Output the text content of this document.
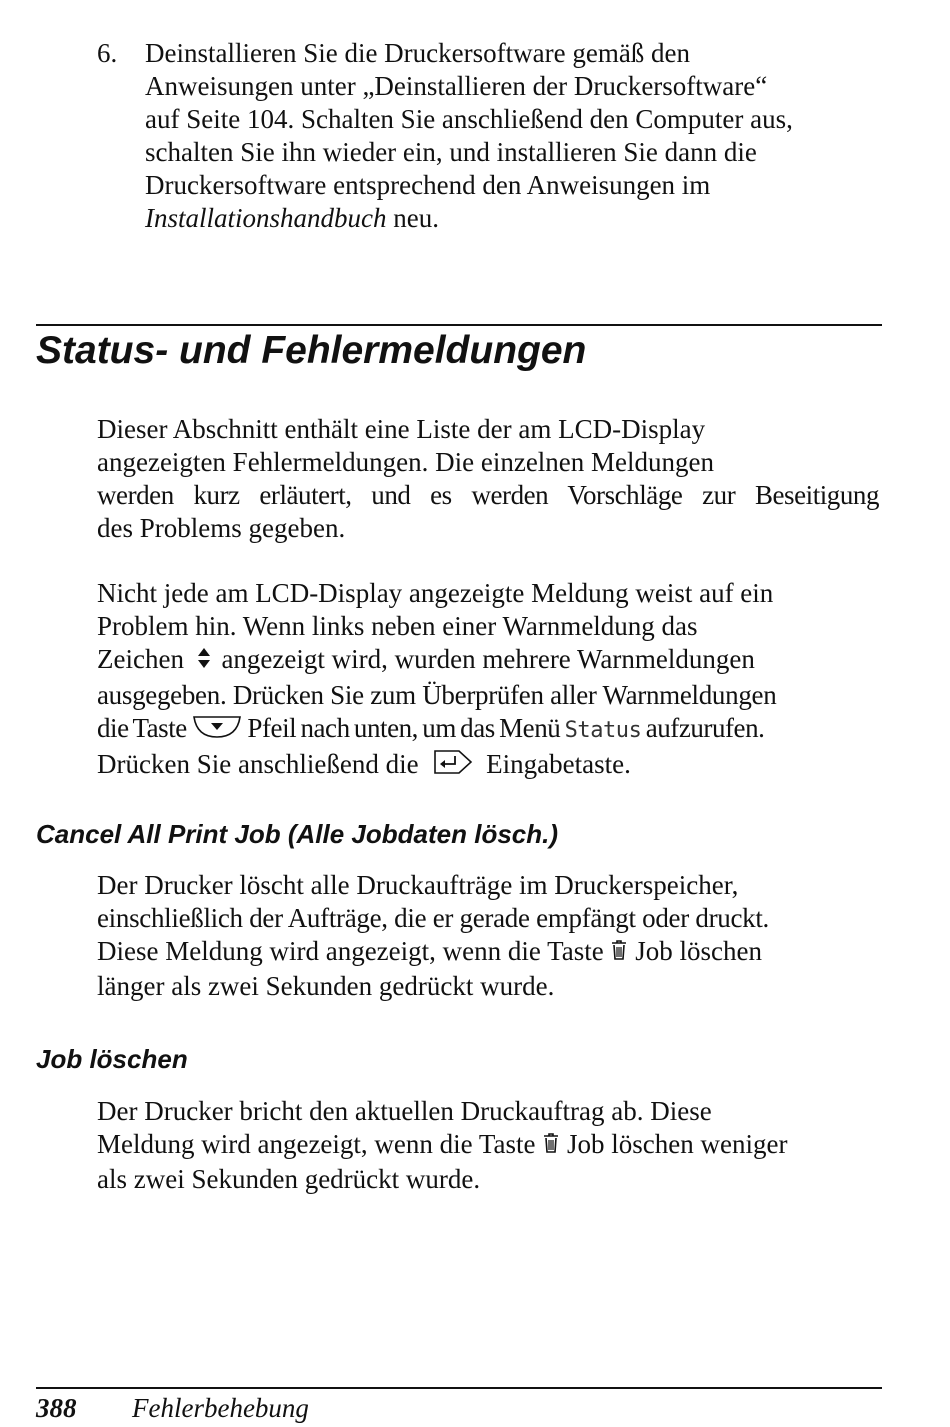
6. Deinstallieren Sie die Druckersoftware gemäß den
Anweisungen unter „Deinstallieren der Druckersoftware“
auf Seite 104. Schalten Sie anschließend den Computer aus,
schalten Sie ihn wieder ein, und installieren Sie dann die
Druckersoftware entsprechend den Anweisungen im
Installationshandbuch neu.
Status- und Fehlermeldungen
Dieser Abschnitt enthält eine Liste der am LCD-Display
angezeigten Fehlermeldungen. Die einzelnen Meldungen
werden kurz erläutert, und es werden Vorschläge zur Beseitigung
des Problems gegeben.
Nicht jede am LCD-Display angezeigte Meldung weist auf ein
Problem hin. Wenn links neben einer Warnmeldung das
Zeichen angezeigt wird, wurden mehrere Warnmeldungen
ausgegeben. Drücken Sie zum Überprüfen aller Warnmeldungen
die Taste Pfeil nach unten, um das Menü Status aufzurufen.
Drücken Sie anschließend die	Eingabetaste.
Cancel All Print Job (Alle Jobdaten lösch.)
Der Drucker löscht alle Druckaufträge im Druckerspeicher,
einschließlich der Aufträge, die er gerade empfängt oder druckt.
Diese Meldung wird angezeigt, wenn die Taste Job löschen
länger als zwei Sekunden gedrückt wurde.
Job löschen
Der Drucker bricht den aktuellen Druckauftrag ab. Diese
Meldung wird angezeigt, wenn die Taste Job löschen weniger
als zwei Sekunden gedrückt wurde.
388 Fehlerbehebung
